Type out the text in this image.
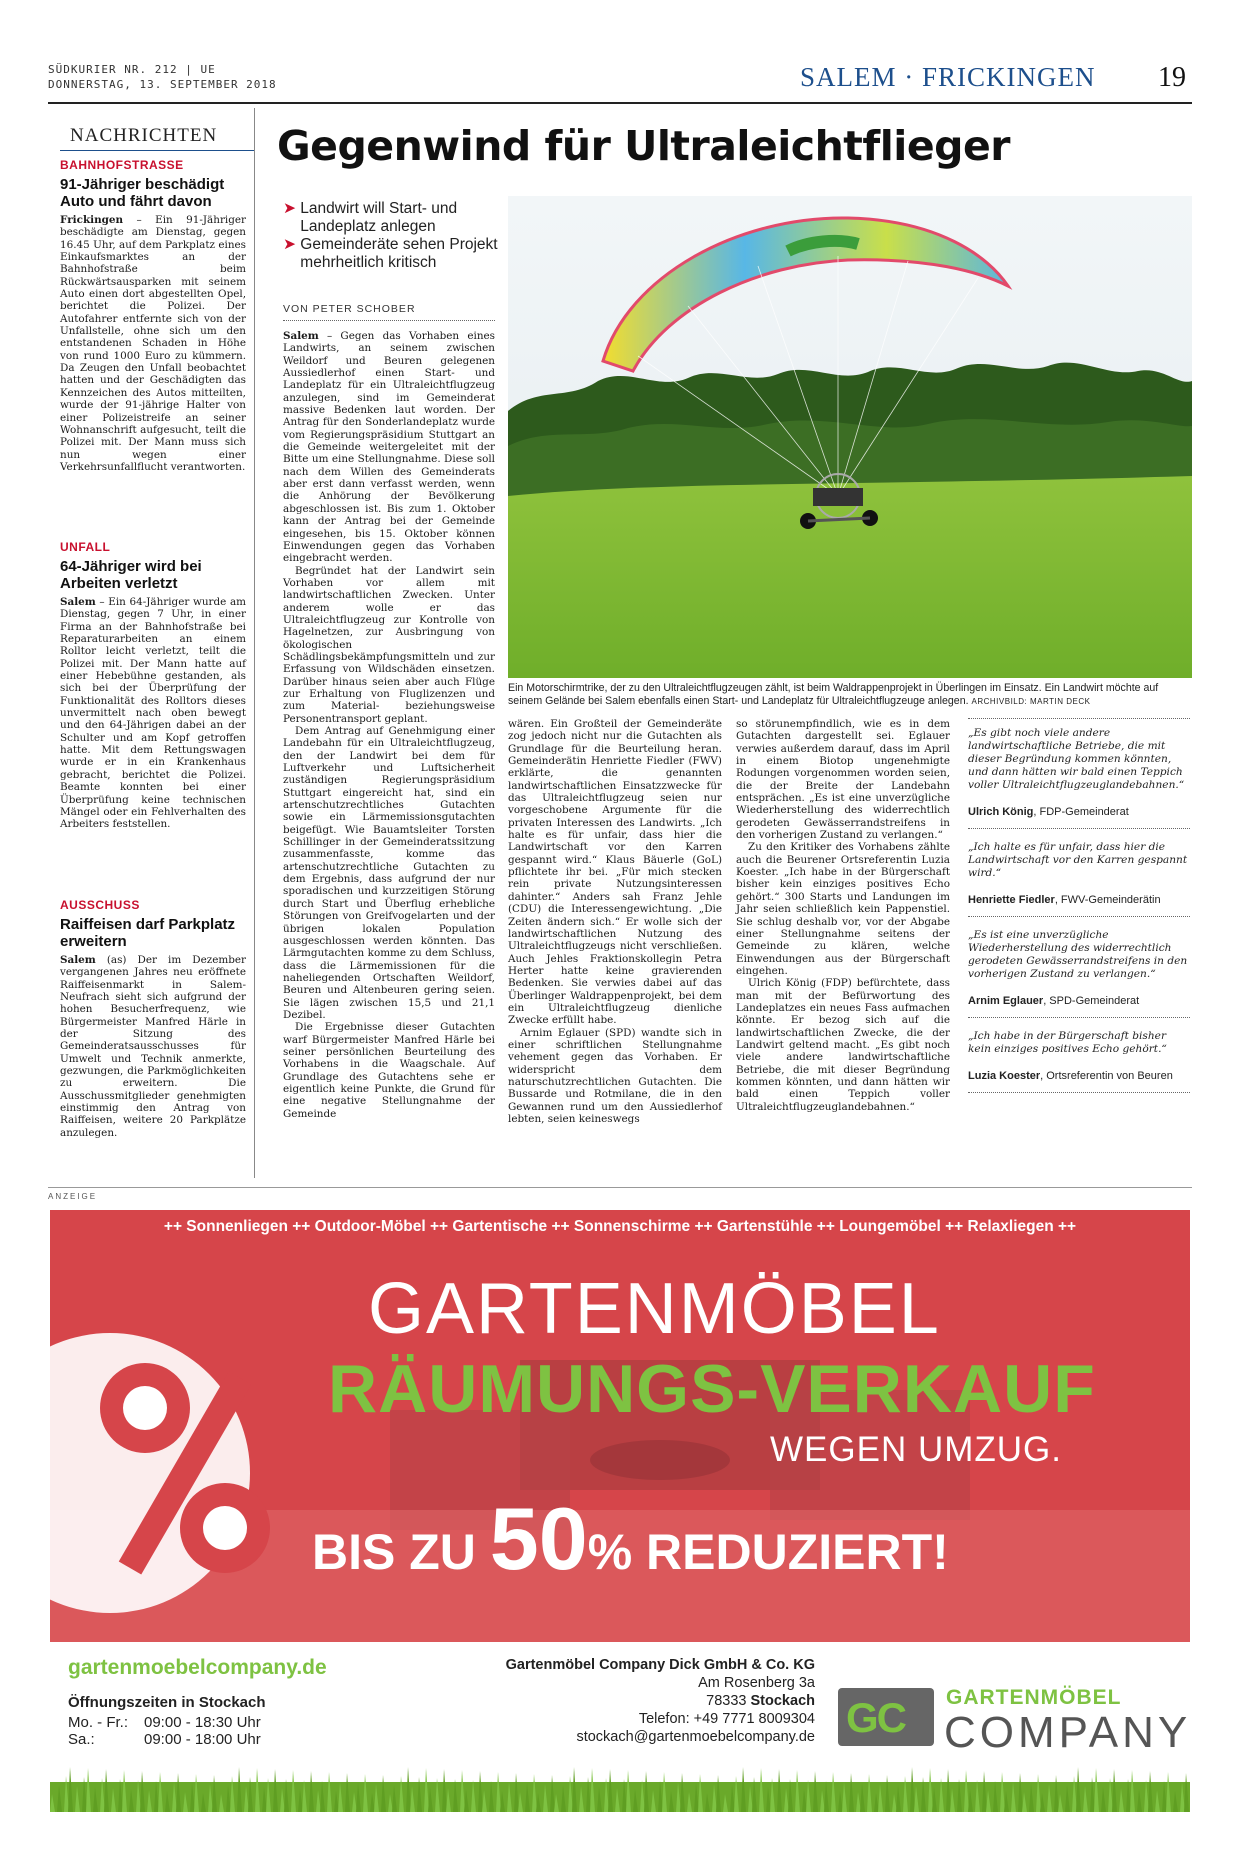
SÜDKURIER NR. 212 | UE
DONNERSTAG, 13. SEPTEMBER 2018	SALEM · FRICKINGEN 19
NACHRICHTEN
BAHNHOFSTRASSE
91-Jähriger beschädigt Auto und fährt davon
Frickingen – Ein 91-Jähriger beschädigte am Dienstag, gegen 16.45 Uhr, auf dem Parkplatz eines Einkaufsmarktes an der Bahnhofstraße beim Rückwärtsausparken mit seinem Auto einen dort abgestellten Opel, berichtet die Polizei. Der Autofahrer entfernte sich von der Unfallstelle, ohne sich um den entstandenen Schaden in Höhe von rund 1000 Euro zu kümmern. Da Zeugen den Unfall beobachtet hatten und der Geschädigten das Kennzeichen des Autos mitteilten, wurde der 91-jährige Halter von einer Polizeistreife an seiner Wohnanschrift aufgesucht, teilt die Polizei mit. Der Mann muss sich nun wegen einer Verkehrsunfallflucht verantworten.
UNFALL
64-Jähriger wird bei Arbeiten verletzt
Salem – Ein 64-Jähriger wurde am Dienstag, gegen 7 Uhr, in einer Firma an der Bahnhofstraße bei Reparaturarbeiten an einem Rolltor leicht verletzt, teilt die Polizei mit. Der Mann hatte auf einer Hebebühne gestanden, als sich bei der Überprüfung der Funktionalität des Rolltors dieses unvermittelt nach oben bewegt und den 64-Jährigen dabei an der Schulter und am Kopf getroffen hatte. Mit dem Rettungswagen wurde er in ein Krankenhaus gebracht, berichtet die Polizei. Beamte konnten bei einer Überprüfung keine technischen Mängel oder ein Fehlverhalten des Arbeiters feststellen.
AUSSCHUSS
Raiffeisen darf Parkplatz erweitern
Salem (as) Der im Dezember vergangenen Jahres neu eröffnete Raiffeisenmarkt in Salem-Neufrach sieht sich aufgrund der hohen Besucherfrequenz, wie Bürgermeister Manfred Härle in der Sitzung des Gemeinderatsausschusses für Umwelt und Technik anmerkte, gezwungen, die Parkmöglichkeiten zu erweitern. Die Ausschussmitglieder genehmigten einstimmig den Antrag von Raiffeisen, weitere 20 Parkplätze anzulegen.
Gegenwind für Ultraleichtflieger
➤ Landwirt will Start- und Landeplatz anlegen
➤ Gemeinderäte sehen Projekt mehrheitlich kritisch
VON PETER SCHOBER

Salem – Gegen das Vorhaben eines Landwirts, an seinem zwischen Weildorf und Beuren gelegenen Aussiedlerhof einen Start- und Landeplatz für ein Ultraleichtflugzeug anzulegen, sind im Gemeinderat massive Bedenken laut worden. Der Antrag für den Sonderlandeplatz wurde vom Regierungspräsidium Stuttgart an die Gemeinde weitergeleitet mit der Bitte um eine Stellungnahme. Diese soll nach dem Willen des Gemeinderats aber erst dann verfasst werden, wenn die Anhörung der Bevölkerung abgeschlossen ist. Bis zum 1. Oktober kann der Antrag bei der Gemeinde eingesehen, bis 15. Oktober können Einwendungen gegen das Vorhaben eingebracht werden.

Begründet hat der Landwirt sein Vorhaben vor allem mit landwirtschaftlichen Zwecken. Unter anderem wolle er das Ultraleichtflugzeug zur Kontrolle von Hagelnetzen, zur Ausbringung von ökologischen Schädlingsbekämpfungsmitteln und zur Erfassung von Wildschäden einsetzen. Darüber hinaus seien aber auch Flüge zur Erhaltung von Fluglizenzen und zum Material- beziehungsweise Personentransport geplant.

Dem Antrag auf Genehmigung einer Landebahn für ein Ultraleichtflugzeug, den der Landwirt bei dem für Luftverkehr und Luftsicherheit zuständigen Regierungspräsidium Stuttgart eingereicht hat, sind ein artenschutzrechtliches Gutachten sowie ein Lärmemissionsgutachten beigefügt. Wie Bauamtsleiter Torsten Schillinger in der Gemeinderatssitzung zusammenfasste, komme das artenschutzrechtliche Gutachten zu dem Ergebnis, dass aufgrund der nur sporadischen und kurzzeitigen Störung durch Start und Überflug erhebliche Störungen von Greifvogelarten und der übrigen lokalen Population ausgeschlossen werden könnten. Das Lärmgutachten komme zu dem Schluss, dass die Lärmemissionen für die naheliegenden Ortschaften Weildorf, Beuren und Altenbeuren gering seien. Sie lägen zwischen 15,5 und 21,1 Dezibel.

Die Ergebnisse dieser Gutachten warf Bürgermeister Manfred Härle bei seiner persönlichen Beurteilung des Vorhabens in die Waagschale. Auf Grundlage des Gutachtens sehe er eigentlich keine Punkte, die Grund für eine negative Stellungnahme der Gemeinde

Ein Motorschirmtrike, der zu den Ultraleichtflugzeugen zählt, ist beim Waldrappenprojekt in Überlingen im Einsatz. Ein Landwirt möchte auf seinem Gelände bei Salem ebenfalls einen Start- und Landeplatz für Ultraleichtflugzeuge anlegen. ARCHIVBILD: MARTIN DECK

wären. Ein Großteil der Gemeinderäte zog jedoch nicht nur die Gutachten als Grundlage für die Beurteilung heran. Gemeinderätin Henriette Fiedler (FWV) erklärte, die genannten landwirtschaftlichen Einsatzzwecke für das Ultraleichtflugzeug seien nur vorgeschobene Argumente für die privaten Interessen des Landwirts. „Ich halte es für unfair, dass hier die Landwirtschaft vor den Karren gespannt wird.“ Klaus Bäuerle (GoL) pflichtete ihr bei. „Für mich stecken rein private Nutzungsinteressen dahinter.“ Anders sah Franz Jehle (CDU) die Interessengewichtung. „Die Zeiten ändern sich.“ Er wolle sich der landwirtschaftlichen Nutzung des Ultraleichtflugzeugs nicht verschließen. Auch Jehles Fraktionskollegin Petra Herter hatte keine gravierenden Bedenken. Sie verwies dabei auf das Überlinger Waldrappenprojekt, bei dem ein Ultraleichtflugzeug dienliche Zwecke erfüllt habe.

Arnim Eglauer (SPD) wandte sich in einer schriftlichen Stellungnahme vehement gegen das Vorhaben. Er widerspricht dem naturschutzrechtlichen Gutachten. Die Bussarde und Rotmilane, die in den Gewannen rund um den Aussiedlerhof lebten, seien keineswegs

so störunempfindlich, wie es in dem Gutachten dargestellt sei. Eglauer verwies außerdem darauf, dass im April in einem Biotop ungenehmigte Rodungen vorgenommen worden seien, die der Breite der Landebahn entsprächen. „Es ist eine unverzügliche Wiederherstellung des widerrechtlich gerodeten Gewässerrandstreifens in den vorherigen Zustand zu verlangen.“

Zu den Kritiker des Vorhabens zählte auch die Beurener Ortsreferentin Luzia Koester. „Ich habe in der Bürgerschaft bisher kein einziges positives Echo gehört.“ 300 Starts und Landungen im Jahr seien schließlich kein Pappenstiel. Sie schlug deshalb vor, vor der Abgabe einer Stellungnahme seitens der Gemeinde zu klären, welche Einwendungen aus der Bürgerschaft eingehen.

Ulrich König (FDP) befürchtete, dass man mit der Befürwortung des Landeplatzes ein neues Fass aufmachen könnte. Er bezog sich auf die landwirtschaftlichen Zwecke, die der Landwirt geltend macht. „Es gibt noch viele andere landwirtschaftliche Betriebe, die mit dieser Begründung kommen könnten, und dann hätten wir bald einen Teppich voller Ultraleichtflugzeuglandebahnen.“

„Es gibt noch viele andere landwirtschaftliche Betriebe, die mit dieser Begründung kommen könnten, und dann hätten wir bald einen Teppich voller Ultraleichtflugzeuglandebahnen.“
Ulrich König, FDP-Gemeinderat
„Ich halte es für unfair, dass hier die Landwirtschaft vor den Karren gespannt wird.“
Henriette Fiedler, FWV-Gemeinderätin
„Es ist eine unverzügliche Wiederherstellung des widerrechtlich gerodeten Gewässerrandstreifens in den vorherigen Zustand zu verlangen.“
Arnim Eglauer, SPD-Gemeinderat
„Ich habe in der Bürgerschaft bisher kein einziges positives Echo gehört.“
Luzia Koester, Ortsreferentin von Beuren
ANZEIGE
++ Sonnenliegen ++ Outdoor-Möbel ++ Gartentische ++ Sonnenschirme ++ Gartenstühle ++ Loungemöbel ++ Relaxliegen ++
GARTENMÖBEL
RÄUMUNGS-VERKAUF
WEGEN UMZUG.
BIS ZU 50% REDUZIERT!
gartenmoebelcompany.de
Öffnungszeiten in Stockach
Mo. - Fr.: 09:00 - 18:30 Uhr
Sa.:	09:00 - 18:00 Uhr
Gartenmöbel Company Dick GmbH & Co. KG
Am Rosenberg 3a
78333 Stockach
Telefon: +49 7771 8009304
stockach@gartenmoebelcompany.de GC GARTENMÖBEL
COMPANY
